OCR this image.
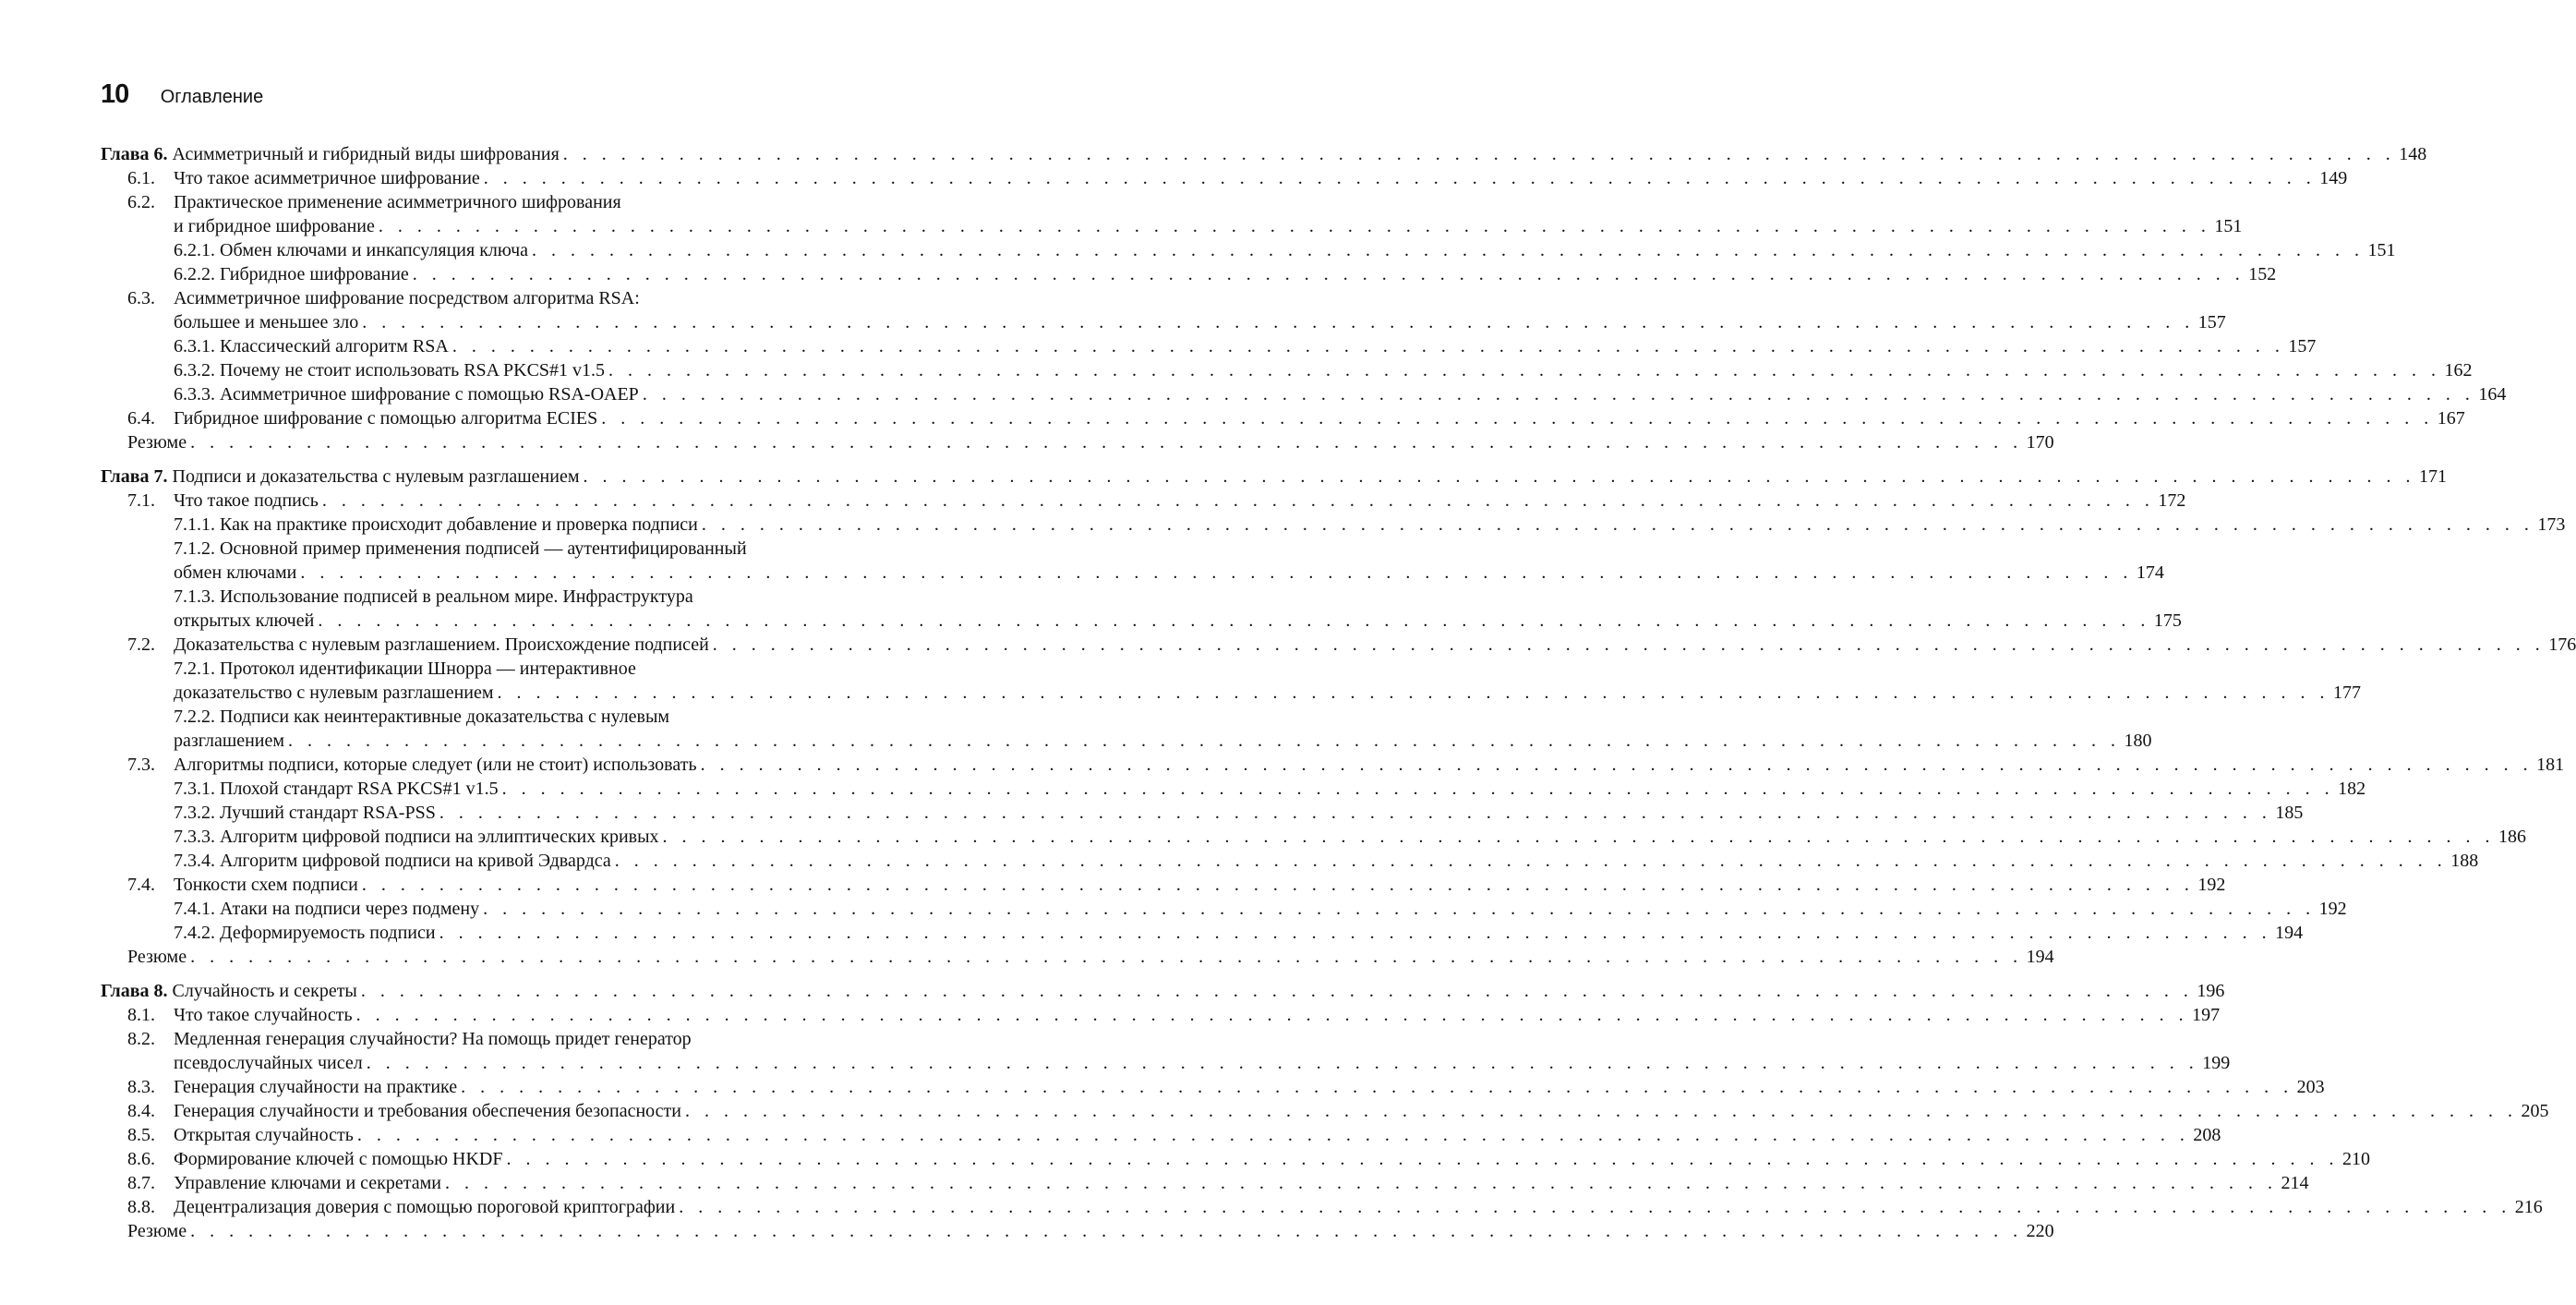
10 Оглавление
Глава 6. Асимметричный и гибридный виды шифрования . . . . . . . . . . . . . . . . . . . . . . . . . . . . . . . . . . . . . . . . . . . . . . . . . . . . . . . . . . . . . . . . . . . . . . . . . . . . . . . . . . . . . . . . . . . . . . . 148
Что такое асимметричное шифрование . . . . . . . . . . . . . . . . . . . . . . . . . . . . . . . . . . . . . . . . . . . . . . . . . . . . . . . . . . . . . . . . . . . . . . . . . . . . . . . . . . . . . . . . . . . . . . . 149
6.1.
6.2. Практическое применение асимметричного шифрования
и гибридное шифрование . . . . . . . . . . . . . . . . . . . . . . . . . . . . . . . . . . . . . . . . . . . . . . . . . . . . . . . . . . . . . . . . . . . . . . . . . . . . . . . . . . . . . . . . . . . . . . . 151
6.2.1. Обмен ключами и инкапсуляция ключа . . . . . . . . . . . . . . . . . . . . . . . . . . . . . . . . . . . . . . . . . . . . . . . . . . . . . . . . . . . . . . . . . . . . . . . . . . . . . . . . . . . . . . . . . . . . . . . 151
6.2.2. Гибридное шифрование . . . . . . . . . . . . . . . . . . . . . . . . . . . . . . . . . . . . . . . . . . . . . . . . . . . . . . . . . . . . . . . . . . . . . . . . . . . . . . . . . . . . . . . . . . . . . . . 152
6.3. Асимметричное шифрование посредством алгоритма RSA:
большее и меньшее зло . . . . . . . . . . . . . . . . . . . . . . . . . . . . . . . . . . . . . . . . . . . . . . . . . . . . . . . . . . . . . . . . . . . . . . . . . . . . . . . . . . . . . . . . . . . . . . . 157
6.3.1. Классический алгоритм RSA . . . . . . . . . . . . . . . . . . . . . . . . . . . . . . . . . . . . . . . . . . . . . . . . . . . . . . . . . . . . . . . . . . . . . . . . . . . . . . . . . . . . . . . . . . . . . . . 157
6.3.2. Почему не стоит использовать RSA PKCS#1 v1.5 . . . . . . . . . . . . . . . . . . . . . . . . . . . . . . . . . . . . . . . . . . . . . . . . . . . . . . . . . . . . . . . . . . . . . . . . . . . . . . . . . . . . . . . . . . . . . . . 162
6.3.3. Асимметричное шифрование с помощью RSA-OAEP . . . . . . . . . . . . . . . . . . . . . . . . . . . . . . . . . . . . . . . . . . . . . . . . . . . . . . . . . . . . . . . . . . . . . . . . . . . . . . . . . . . . . . . . . . . . . . . 164
Гибридное шифрование с помощью алгоритма ECIES . . . . . . . . . . . . . . . . . . . . . . . . . . . . . . . . . . . . . . . . . . . . . . . . . . . . . . . . . . . . . . . . . . . . . . . . . . . . . . . . . . . . . . . . . . . . . . . 167
6.4.
Резюме . . . . . . . . . . . . . . . . . . . . . . . . . . . . . . . . . . . . . . . . . . . . . . . . . . . . . . . . . . . . . . . . . . . . . . . . . . . . . . . . . . . . . . . . . . . . . . . 170
Глава 7. Подписи и доказательства с нулевым разглашением . . . . . . . . . . . . . . . . . . . . . . . . . . . . . . . . . . . . . . . . . . . . . . . . . . . . . . . . . . . . . . . . . . . . . . . . . . . . . . . . . . . . . . . . . . . . . . . 171
Что такое подпись . . . . . . . . . . . . . . . . . . . . . . . . . . . . . . . . . . . . . . . . . . . . . . . . . . . . . . . . . . . . . . . . . . . . . . . . . . . . . . . . . . . . . . . . . . . . . . . 172
7.1.
7.1.1. Как на практике происходит добавление и проверка подписи . . . . . . . . . . . . . . . . . . . . . . . . . . . . . . . . . . . . . . . . . . . . . . . . . . . . . . . . . . . . . . . . . . . . . . . . . . . . . . . . . . . . . . . . . . . . . . . 173
7.1.2. Основной пример применения подписей — аутентифицированный
обмен ключами . . . . . . . . . . . . . . . . . . . . . . . . . . . . . . . . . . . . . . . . . . . . . . . . . . . . . . . . . . . . . . . . . . . . . . . . . . . . . . . . . . . . . . . . . . . . . . . 174
7.1.3. Использование подписей в реальном мире. Инфраструктура
открытых ключей . . . . . . . . . . . . . . . . . . . . . . . . . . . . . . . . . . . . . . . . . . . . . . . . . . . . . . . . . . . . . . . . . . . . . . . . . . . . . . . . . . . . . . . . . . . . . . . 175
Доказательства с нулевым разглашением. Происхождение подписей . . . . . . . . . . . . . . . . . . . . . . . . . . . . . . . . . . . . . . . . . . . . . . . . . . . . . . . . . . . . . . . . . . . . . . . . . . . . . . . . . . . . . . . . . . . . . . . 176
7.2.
7.2.1. Протокол идентификации Шнорра — интерактивное
доказательство с нулевым разглашением . . . . . . . . . . . . . . . . . . . . . . . . . . . . . . . . . . . . . . . . . . . . . . . . . . . . . . . . . . . . . . . . . . . . . . . . . . . . . . . . . . . . . . . . . . . . . . . 177
7.2.2. Подписи как неинтерактивные доказательства с нулевым
разглашением . . . . . . . . . . . . . . . . . . . . . . . . . . . . . . . . . . . . . . . . . . . . . . . . . . . . . . . . . . . . . . . . . . . . . . . . . . . . . . . . . . . . . . . . . . . . . . . 180
Алгоритмы подписи, которые следует (или не стоит) использовать . . . . . . . . . . . . . . . . . . . . . . . . . . . . . . . . . . . . . . . . . . . . . . . . . . . . . . . . . . . . . . . . . . . . . . . . . . . . . . . . . . . . . . . . . . . . . . . 181
7.3.
7.3.1. Плохой стандарт RSA PKCS#1 v1.5 . . . . . . . . . . . . . . . . . . . . . . . . . . . . . . . . . . . . . . . . . . . . . . . . . . . . . . . . . . . . . . . . . . . . . . . . . . . . . . . . . . . . . . . . . . . . . . . 182
7.3.2. Лучший стандарт RSA-PSS . . . . . . . . . . . . . . . . . . . . . . . . . . . . . . . . . . . . . . . . . . . . . . . . . . . . . . . . . . . . . . . . . . . . . . . . . . . . . . . . . . . . . . . . . . . . . . . 185
7.3.3. Алгоритм цифровой подписи на эллиптических кривых . . . . . . . . . . . . . . . . . . . . . . . . . . . . . . . . . . . . . . . . . . . . . . . . . . . . . . . . . . . . . . . . . . . . . . . . . . . . . . . . . . . . . . . . . . . . . . . 186
7.3.4. Алгоритм цифровой подписи на кривой Эдвардса . . . . . . . . . . . . . . . . . . . . . . . . . . . . . . . . . . . . . . . . . . . . . . . . . . . . . . . . . . . . . . . . . . . . . . . . . . . . . . . . . . . . . . . . . . . . . . . 188
Тонкости схем подписи . . . . . . . . . . . . . . . . . . . . . . . . . . . . . . . . . . . . . . . . . . . . . . . . . . . . . . . . . . . . . . . . . . . . . . . . . . . . . . . . . . . . . . . . . . . . . . . 192
7.4.
7.4.1. Атаки на подписи через подмену . . . . . . . . . . . . . . . . . . . . . . . . . . . . . . . . . . . . . . . . . . . . . . . . . . . . . . . . . . . . . . . . . . . . . . . . . . . . . . . . . . . . . . . . . . . . . . . 192
7.4.2. Деформируемость подписи . . . . . . . . . . . . . . . . . . . . . . . . . . . . . . . . . . . . . . . . . . . . . . . . . . . . . . . . . . . . . . . . . . . . . . . . . . . . . . . . . . . . . . . . . . . . . . . 194
Резюме . . . . . . . . . . . . . . . . . . . . . . . . . . . . . . . . . . . . . . . . . . . . . . . . . . . . . . . . . . . . . . . . . . . . . . . . . . . . . . . . . . . . . . . . . . . . . . . 194
Глава 8. Случайность и секреты . . . . . . . . . . . . . . . . . . . . . . . . . . . . . . . . . . . . . . . . . . . . . . . . . . . . . . . . . . . . . . . . . . . . . . . . . . . . . . . . . . . . . . . . . . . . . . . 196
Что такое случайность . . . . . . . . . . . . . . . . . . . . . . . . . . . . . . . . . . . . . . . . . . . . . . . . . . . . . . . . . . . . . . . . . . . . . . . . . . . . . . . . . . . . . . . . . . . . . . . 197
8.1.
8.2. Медленная генерация случайности? На помощь придет генератор
псевдослучайных чисел . . . . . . . . . . . . . . . . . . . . . . . . . . . . . . . . . . . . . . . . . . . . . . . . . . . . . . . . . . . . . . . . . . . . . . . . . . . . . . . . . . . . . . . . . . . . . . . 199
Генерация случайности на практике . . . . . . . . . . . . . . . . . . . . . . . . . . . . . . . . . . . . . . . . . . . . . . . . . . . . . . . . . . . . . . . . . . . . . . . . . . . . . . . . . . . . . . . . . . . . . . . 203
8.3.
Генерация случайности и требования обеспечения безопасности . . . . . . . . . . . . . . . . . . . . . . . . . . . . . . . . . . . . . . . . . . . . . . . . . . . . . . . . . . . . . . . . . . . . . . . . . . . . . . . . . . . . . . . . . . . . . . . 205
8.4.
Открытая случайность . . . . . . . . . . . . . . . . . . . . . . . . . . . . . . . . . . . . . . . . . . . . . . . . . . . . . . . . . . . . . . . . . . . . . . . . . . . . . . . . . . . . . . . . . . . . . . . 208
8.5.
Формирование ключей с помощью HKDF . . . . . . . . . . . . . . . . . . . . . . . . . . . . . . . . . . . . . . . . . . . . . . . . . . . . . . . . . . . . . . . . . . . . . . . . . . . . . . . . . . . . . . . . . . . . . . . 210
8.6.
Управление ключами и секретами . . . . . . . . . . . . . . . . . . . . . . . . . . . . . . . . . . . . . . . . . . . . . . . . . . . . . . . . . . . . . . . . . . . . . . . . . . . . . . . . . . . . . . . . . . . . . . . 214
8.7.
Децентрализация доверия с помощью пороговой криптографии . . . . . . . . . . . . . . . . . . . . . . . . . . . . . . . . . . . . . . . . . . . . . . . . . . . . . . . . . . . . . . . . . . . . . . . . . . . . . . . . . . . . . . . . . . . . . . . 216
8.8.
Резюме . . . . . . . . . . . . . . . . . . . . . . . . . . . . . . . . . . . . . . . . . . . . . . . . . . . . . . . . . . . . . . . . . . . . . . . . . . . . . . . . . . . . . . . . . . . . . . . 220
